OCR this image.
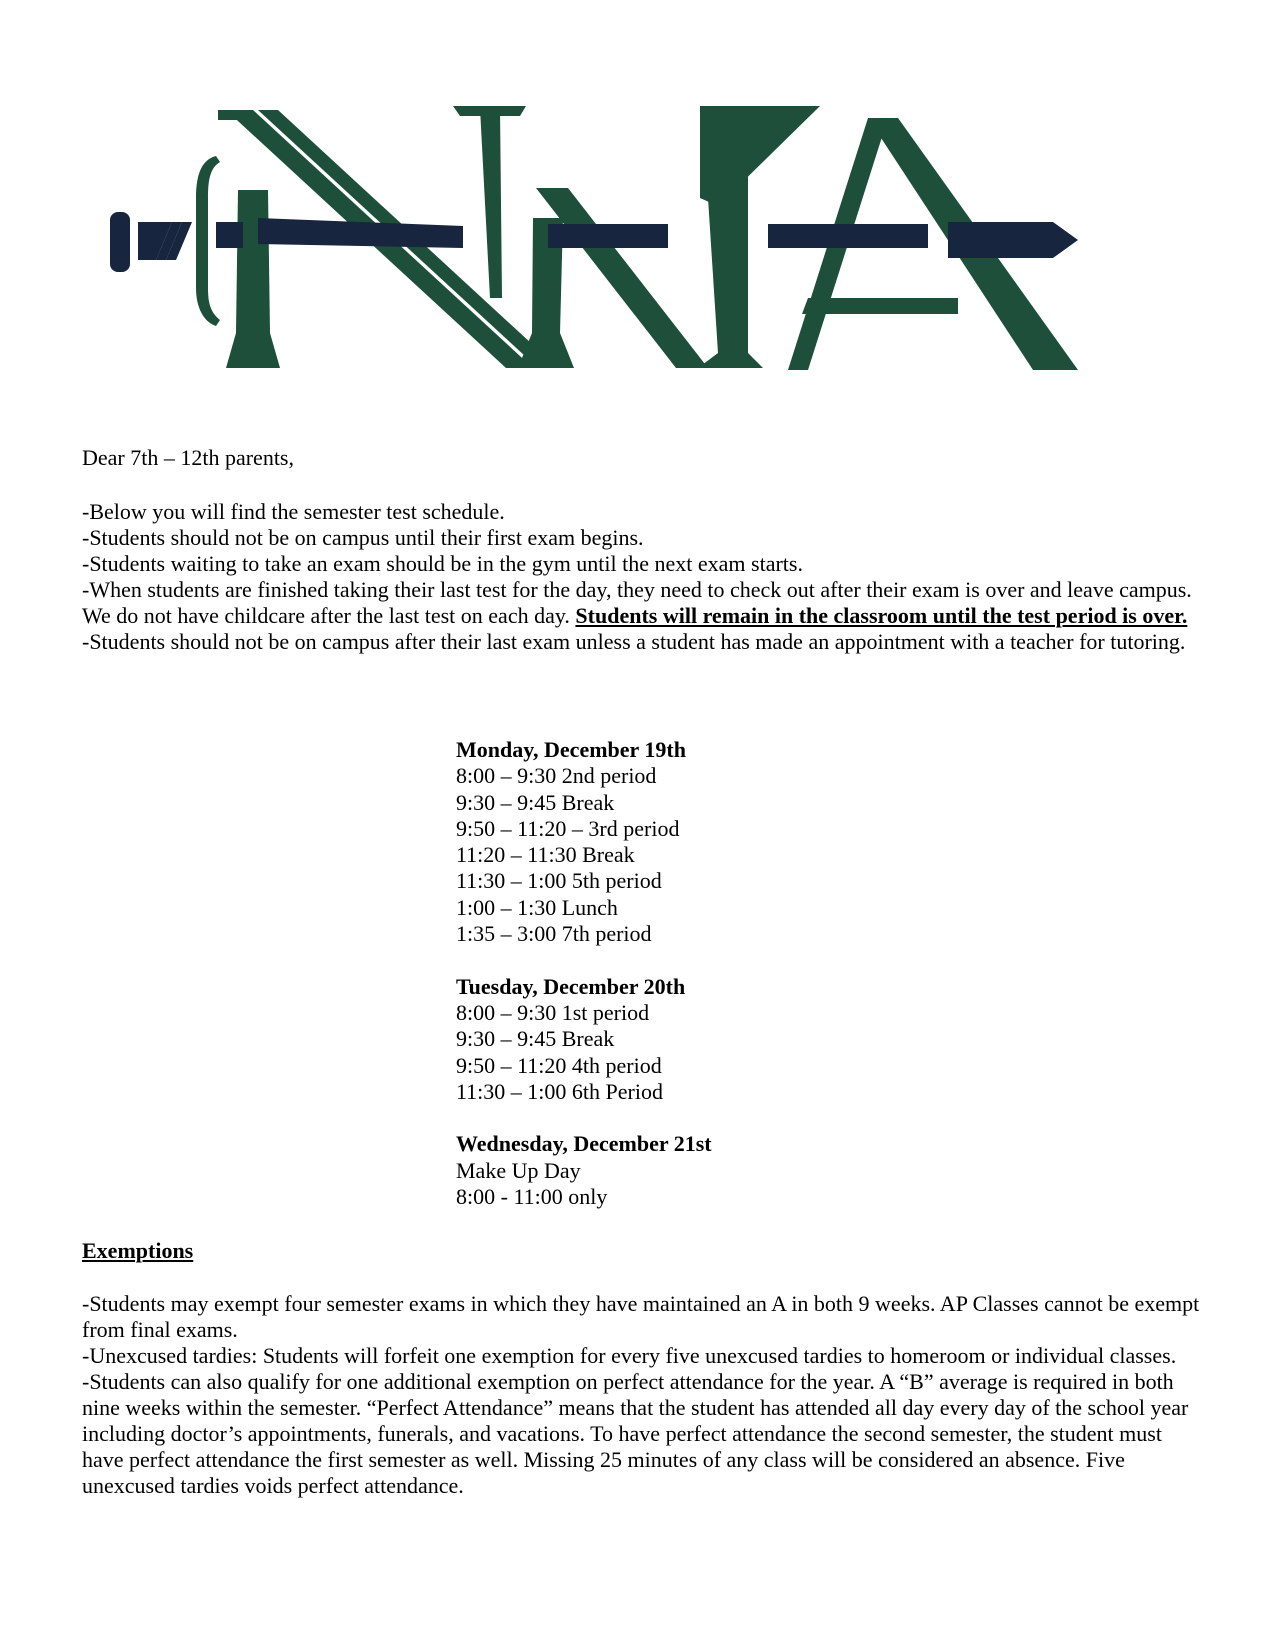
Dear 7th – 12th parents,

-Below you will find the semester test schedule.

-Students should not be on campus until their first exam begins.

-Students waiting to take an exam should be in the gym until the next exam starts.

-When students are finished taking their last test for the day, they need to check out after their exam is over and leave campus. We do not have childcare after the last test on each day. Students will remain in the classroom until the test period is over.

-Students should not be on campus after their last exam unless a student has made an appointment with a teacher for tutoring.

Monday, December 19th
8:00 – 9:30 2nd period
9:30 – 9:45 Break
9:50 – 11:20 – 3rd period
11:20 – 11:30 Break
11:30 – 1:00 5th period
1:00 – 1:30 Lunch
1:35 – 3:00 7th period
Tuesday, December 20th
8:00 – 9:30 1st period
9:30 – 9:45 Break
9:50 – 11:20 4th period
11:30 – 1:00 6th Period
Wednesday, December 21st
Make Up Day
8:00 - 11:00 only
Exemptions

-Students may exempt four semester exams in which they have maintained an A in both 9 weeks. AP Classes cannot be exempt from final exams.

-Unexcused tardies: Students will forfeit one exemption for every five unexcused tardies to homeroom or individual classes.

-Students can also qualify for one additional exemption on perfect attendance for the year. A “B” average is required in both nine weeks within the semester. “Perfect Attendance” means that the student has attended all day every day of the school year including doctor’s appointments, funerals, and vacations. To have perfect attendance the second semester, the student must have perfect attendance the first semester as well. Missing 25 minutes of any class will be considered an absence. Five unexcused tardies voids perfect attendance.
